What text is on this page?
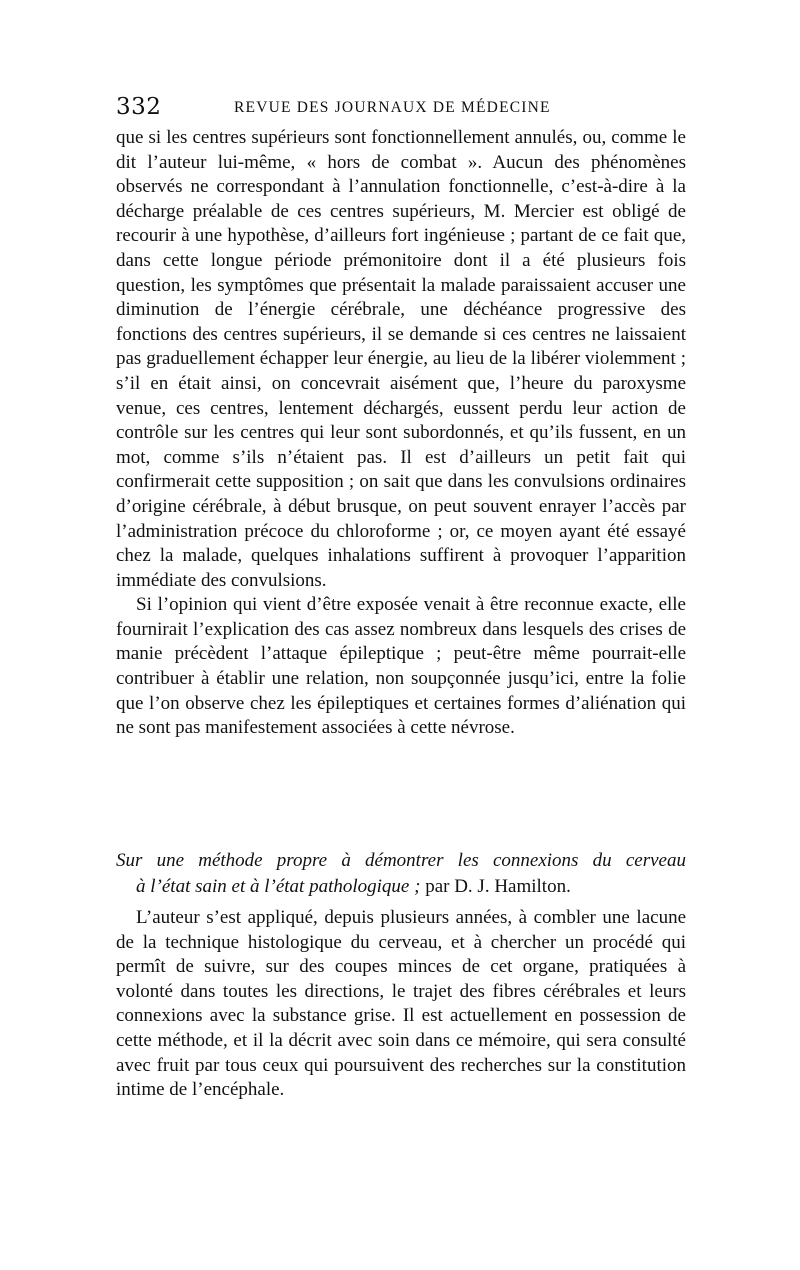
332	REVUE DES JOURNAUX DE MÉDECINE

que si les centres supérieurs sont fonctionnellement annulés, ou, comme le dit l’auteur lui-même, « hors de combat ». Aucun des phénomènes observés ne correspondant à l’annulation fonctionnelle, c’est-à-dire à la décharge préalable de ces centres supérieurs, M. Mercier est obligé de recourir à une hypothèse, d’ailleurs fort ingénieuse ; partant de ce fait que, dans cette longue période prémonitoire dont il a été plusieurs fois question, les symptômes que présentait la malade paraissaient accuser une diminution de l’énergie cérébrale, une déchéance progressive des fonctions des centres supérieurs, il se demande si ces centres ne laissaient pas graduellement échapper leur énergie, au lieu de la libérer violemment ; s’il en était ainsi, on concevrait aisément que, l’heure du paroxysme venue, ces centres, lentement déchargés, eussent perdu leur action de contrôle sur les centres qui leur sont subordonnés, et qu’ils fussent, en un mot, comme s’ils n’étaient pas. Il est d’ailleurs un petit fait qui confirmerait cette supposition ; on sait que dans les convulsions ordinaires d’origine cérébrale, à début brusque, on peut souvent enrayer l’accès par l’administration précoce du chloroforme ; or, ce moyen ayant été essayé chez la malade, quelques inhalations suffirent à provoquer l’apparition immédiate des convulsions.

Si l’opinion qui vient d’être exposée venait à être reconnue exacte, elle fournirait l’explication des cas assez nombreux dans lesquels des crises de manie précèdent l’attaque épileptique ; peut-être même pourrait-elle contribuer à établir une relation, non soupçonnée jusqu’ici, entre la folie que l’on observe chez les épileptiques et certaines formes d’aliénation qui ne sont pas manifestement associées à cette névrose.

Sur une méthode propre à démontrer les connexions du cerveau
à l’état sain et à l’état pathologique ; par D. J. Hamilton.

L’auteur s’est appliqué, depuis plusieurs années, à combler une lacune de la technique histologique du cerveau, et à chercher un procédé qui permît de suivre, sur des coupes minces de cet organe, pratiquées à volonté dans toutes les directions, le trajet des fibres cérébrales et leurs connexions avec la substance grise. Il est actuellement en possession de cette méthode, et il la décrit avec soin dans ce mémoire, qui sera consulté avec fruit par tous ceux qui poursuivent des recherches sur la constitution intime de l’encéphale.
